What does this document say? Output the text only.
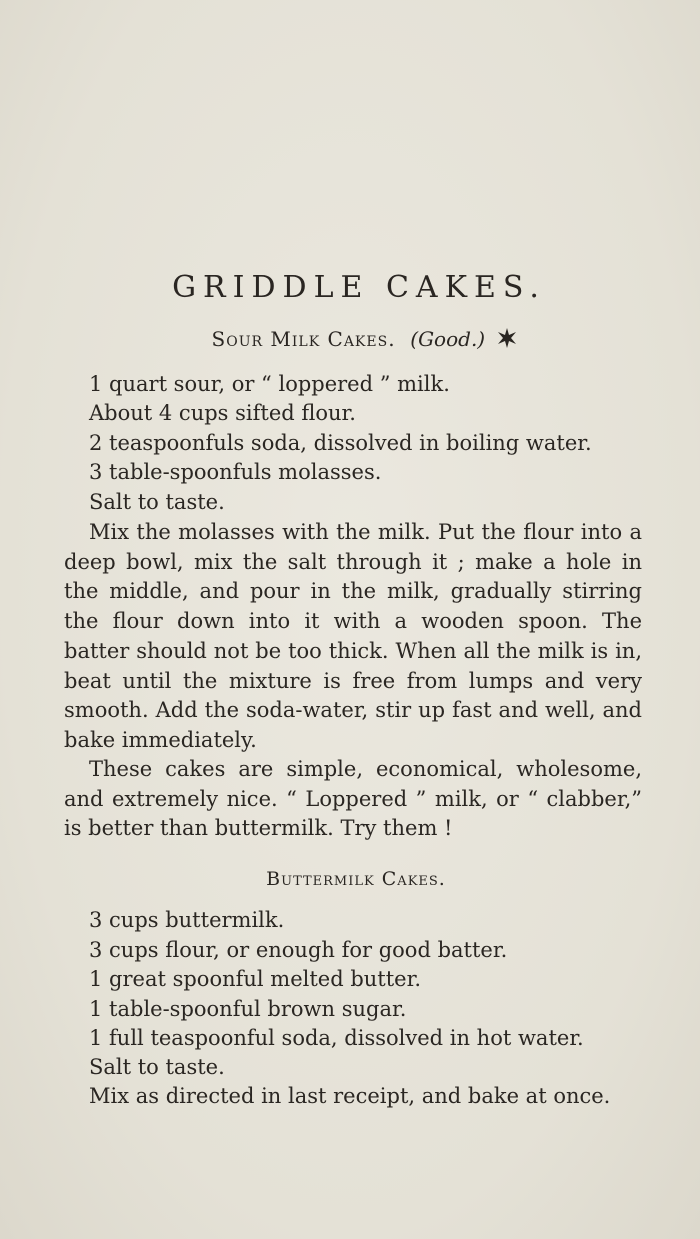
GRIDDLE CAKES.
Sour Milk Cakes. (Good.)
1 quart sour, or “ loppered ” milk.
About 4 cups sifted flour.
2 teaspoonfuls soda, dissolved in boiling water.
3 table-spoonfuls molasses.
Salt to taste.

Mix the molasses with the milk. Put the flour into a deep bowl, mix the salt through it ; make a hole in the middle, and pour in the milk, gradually stirring the flour down into it with a wooden spoon. The batter should not be too thick. When all the milk is in, beat until the mixture is free from lumps and very smooth. Add the soda-water, stir up fast and well, and bake immediately.

These cakes are simple, economical, wholesome, and extremely nice. “ Loppered ” milk, or “ clabber,” is better than buttermilk. Try them !

Buttermilk Cakes.
3 cups buttermilk.
3 cups flour, or enough for good batter.
1 great spoonful melted butter.
1 table-spoonful brown sugar.
1 full teaspoonful soda, dissolved in hot water.
Salt to taste.
Mix as directed in last receipt, and bake at once.
